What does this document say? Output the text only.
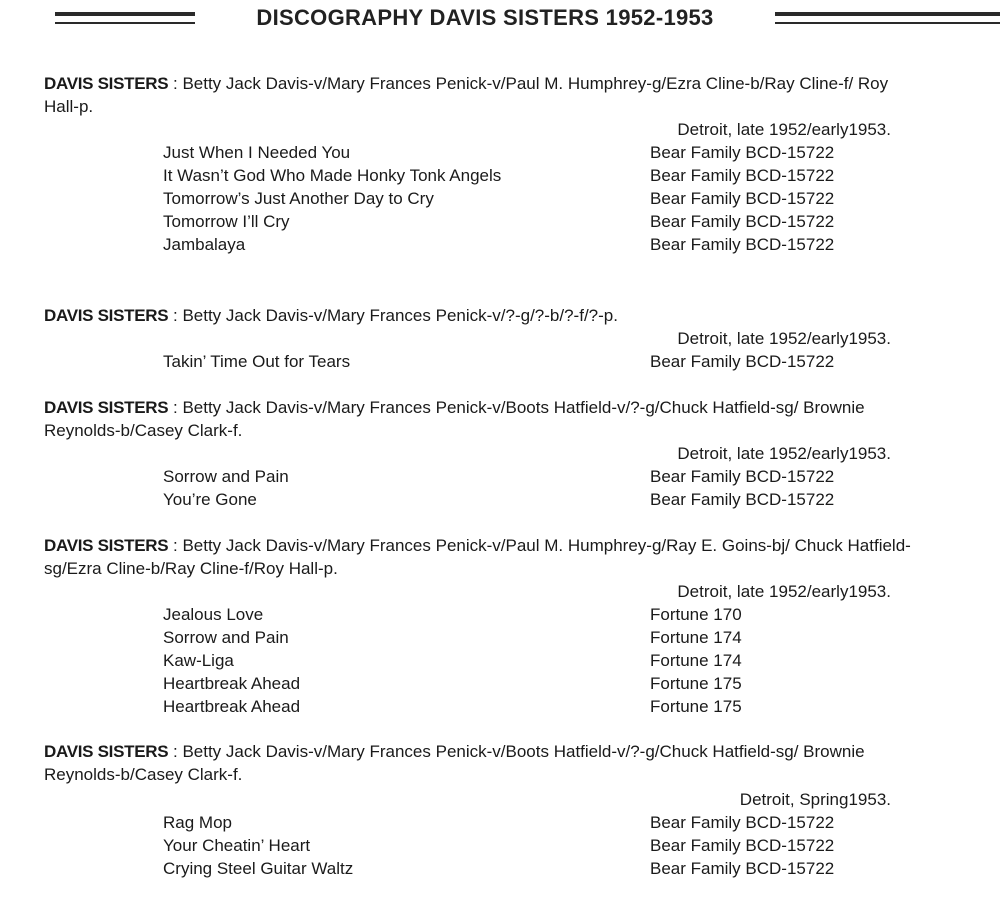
DISCOGRAPHY DAVIS SISTERS 1952-1953
DAVIS SISTERS : Betty Jack Davis-v/Mary Frances Penick-v/Paul M. Humphrey-g/Ezra Cline-b/Ray Cline-f/ Roy Hall-p.
Detroit, late 1952/early1953.
Just When I Needed You	Bear Family BCD-15722
It Wasn’t God Who Made Honky Tonk Angels	Bear Family BCD-15722
Tomorrow’s Just Another Day to Cry	Bear Family BCD-15722
Tomorrow I’ll Cry	Bear Family BCD-15722
Jambalaya	Bear Family BCD-15722
DAVIS SISTERS : Betty Jack Davis-v/Mary Frances Penick-v/?-g/?-b/?-f/?-p.
Detroit, late 1952/early1953.
Takin’ Time Out for Tears	Bear Family BCD-15722
DAVIS SISTERS : Betty Jack Davis-v/Mary Frances Penick-v/Boots Hatfield-v/?-g/Chuck Hatfield-sg/ Brownie Reynolds-b/Casey Clark-f.
Detroit, late 1952/early1953.
Sorrow and Pain	Bear Family BCD-15722
You’re Gone	Bear Family BCD-15722
DAVIS SISTERS : Betty Jack Davis-v/Mary Frances Penick-v/Paul M. Humphrey-g/Ray E. Goins-bj/ Chuck Hatfield-sg/Ezra Cline-b/Ray Cline-f/Roy Hall-p.
Detroit, late 1952/early1953.
Jealous Love	Fortune 170
Sorrow and Pain	Fortune 174
Kaw-Liga	Fortune 174
Heartbreak Ahead	Fortune 175
Heartbreak Ahead	Fortune 175
DAVIS SISTERS : Betty Jack Davis-v/Mary Frances Penick-v/Boots Hatfield-v/?-g/Chuck Hatfield-sg/ Brownie Reynolds-b/Casey Clark-f.
Detroit, Spring1953.
Rag Mop	Bear Family BCD-15722
Your Cheatin’ Heart	Bear Family BCD-15722
Crying Steel Guitar Waltz	Bear Family BCD-15722
